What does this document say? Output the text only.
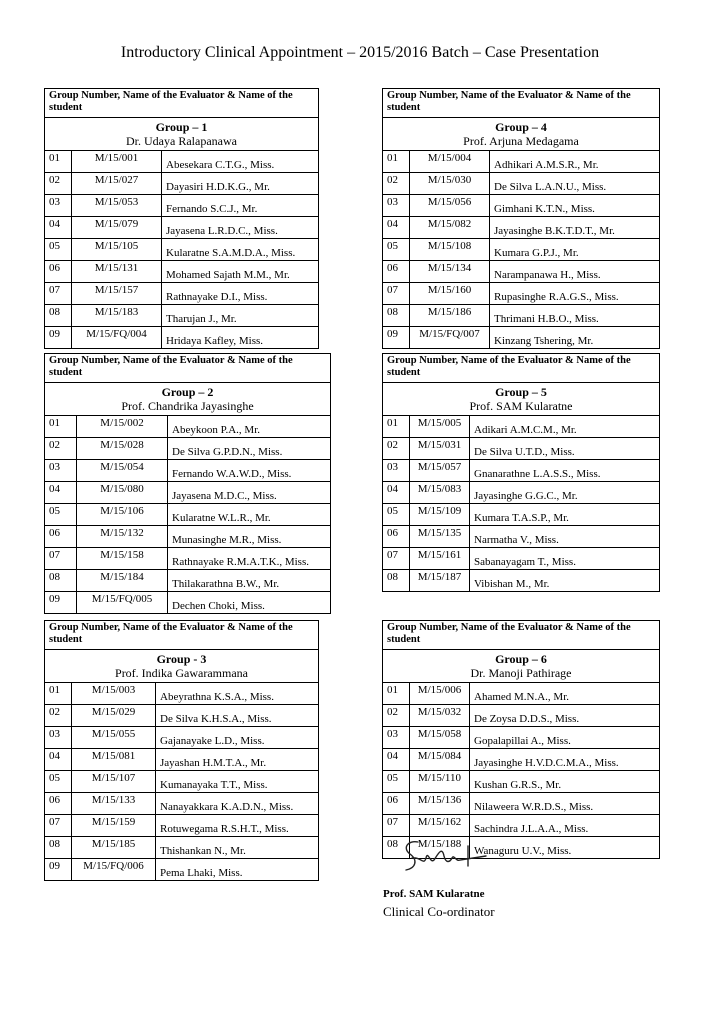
Introductory Clinical Appointment – 2015/2016 Batch – Case Presentation
Group Number, Name of the Evaluator & Name of the student		

Group – 1
Dr. Udaya Ralapanawa		

01	M/15/001	Abesekara C.T.G., Miss.
02	M/15/027	Dayasiri H.D.K.G., Mr.
03	M/15/053	Fernando S.C.J., Mr.
04	M/15/079	Jayasena L.R.D.C., Miss.
05	M/15/105	Kularatne S.A.M.D.A., Miss.
06	M/15/131	Mohamed Sajath M.M., Mr.
07	M/15/157	Rathnayake D.I., Miss.
08	M/15/183	Tharujan J., Mr.
09	M/15/FQ/004	Hridaya Kafley, Miss.
Group Number, Name of the Evaluator & Name of the student		

Group – 4
Prof. Arjuna Medagama		

01	M/15/004	Adhikari A.M.S.R., Mr.
02	M/15/030	De Silva L.A.N.U., Miss.
03	M/15/056	Gimhani K.T.N., Miss.
04	M/15/082	Jayasinghe B.K.T.D.T., Mr.
05	M/15/108	Kumara G.P.J., Mr.
06	M/15/134	Narampanawa H., Miss.
07	M/15/160	Rupasinghe R.A.G.S., Miss.
08	M/15/186	Thrimani H.B.O., Miss.
09	M/15/FQ/007	Kinzang Tshering, Mr.
Group Number, Name of the Evaluator & Name of the student		

Group – 2
Prof. Chandrika Jayasinghe		

01	M/15/002	Abeykoon P.A., Mr.
02	M/15/028	De Silva G.P.D.N., Miss.
03	M/15/054	Fernando W.A.W.D., Miss.
04	M/15/080	Jayasena M.D.C., Miss.
05	M/15/106	Kularatne W.L.R., Mr.
06	M/15/132	Munasinghe M.R., Miss.
07	M/15/158	Rathnayake R.M.A.T.K., Miss.
08	M/15/184	Thilakarathna B.W., Mr.
09	M/15/FQ/005	Dechen Choki, Miss.
Group Number, Name of the Evaluator & Name of the student		

Group – 5
Prof. SAM Kularatne		

01	M/15/005	Adikari A.M.C.M., Mr.
02	M/15/031	De Silva U.T.D., Miss.
03	M/15/057	Gnanarathne L.A.S.S., Miss.
04	M/15/083	Jayasinghe G.G.C., Mr.
05	M/15/109	Kumara T.A.S.P., Mr.
06	M/15/135	Narmatha V., Miss.
07	M/15/161	Sabanayagam T., Miss.
08	M/15/187	Vibishan M., Mr.
Group Number, Name of the Evaluator & Name of the student		

Group - 3
Prof. Indika Gawarammana		

01	M/15/003	Abeyrathna K.S.A., Miss.
02	M/15/029	De Silva K.H.S.A., Miss.
03	M/15/055	Gajanayake L.D., Miss.
04	M/15/081	Jayashan H.M.T.A., Mr.
05	M/15/107	Kumanayaka T.T., Miss.
06	M/15/133	Nanayakkara K.A.D.N., Miss.
07	M/15/159	Rotuwegama R.S.H.T., Miss.
08	M/15/185	Thishankan N., Mr.
09	M/15/FQ/006	Pema Lhaki, Miss.
Group Number, Name of the Evaluator & Name of the student		

Group – 6
Dr. Manoji Pathirage		

01	M/15/006	Ahamed M.N.A., Mr.
02	M/15/032	De Zoysa D.D.S., Miss.
03	M/15/058	Gopalapillai A., Miss.
04	M/15/084	Jayasinghe H.V.D.C.M.A., Miss.
05	M/15/110	Kushan G.R.S., Mr.
06	M/15/136	Nilaweera W.R.D.S., Miss.
07	M/15/162	Sachindra J.L.A.A., Miss.
08	M/15/188	Wanaguru U.V., Miss.
Prof. SAM Kularatne
Clinical Co-ordinator
